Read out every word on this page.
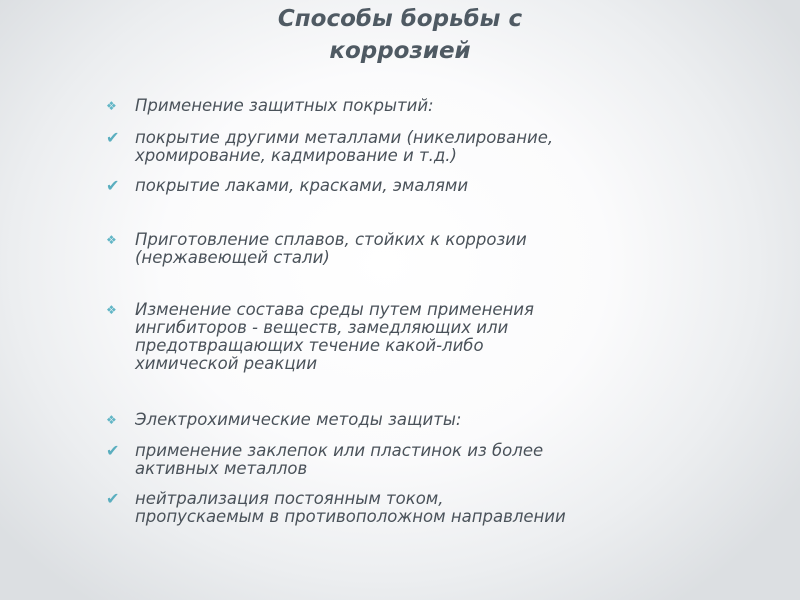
Способы борьбы с
коррозией
❖ Применение защитных покрытий:
✔ покрытие другими металлами (никелирование,
хромирование, кадмирование и т.д.)
✔ покрытие лаками, красками, эмалями
❖ Приготовление сплавов, стойких к коррозии
(нержавеющей стали)
❖ Изменение состава среды путем применения
ингибиторов - веществ, замедляющих или
предотвращающих течение какой-либо
химической реакции
❖ Электрохимические методы защиты:
✔ применение заклепок или пластинок из более
активных металлов
✔ нейтрализация постоянным током,
пропускаемым в противоположном направлении
